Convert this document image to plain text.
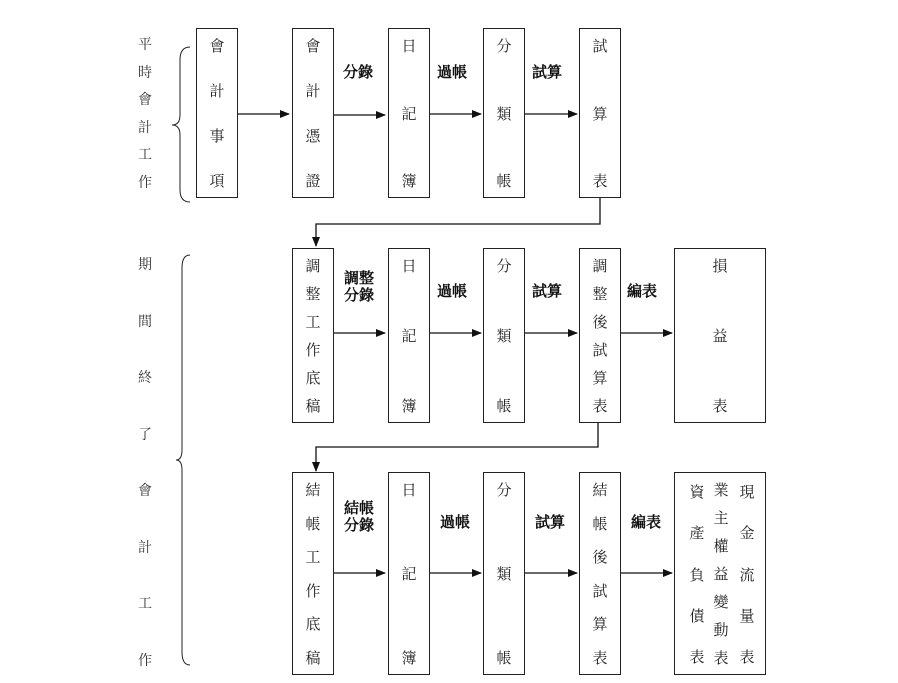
平
時
會
計
工
作
期
間
終
了
會
計
工
作
會
計
事
項
會
計
憑
證
日
記
簿
分
類
帳
試
算
表
分錄	過帳	試算
調
整
工
作
底
稿
日
記
簿
分
類
帳
調
整
後
試
算
表
損
益
表
調整分錄	過帳	試算	編表
結
帳
工
作
底
稿
日
記
簿
分
類
帳
結
帳
後
試
算
表
資
產
負
債
表
業
主
權
益
變
動
表
現
金
流
量
表
結帳分錄	過帳	試算	編表
